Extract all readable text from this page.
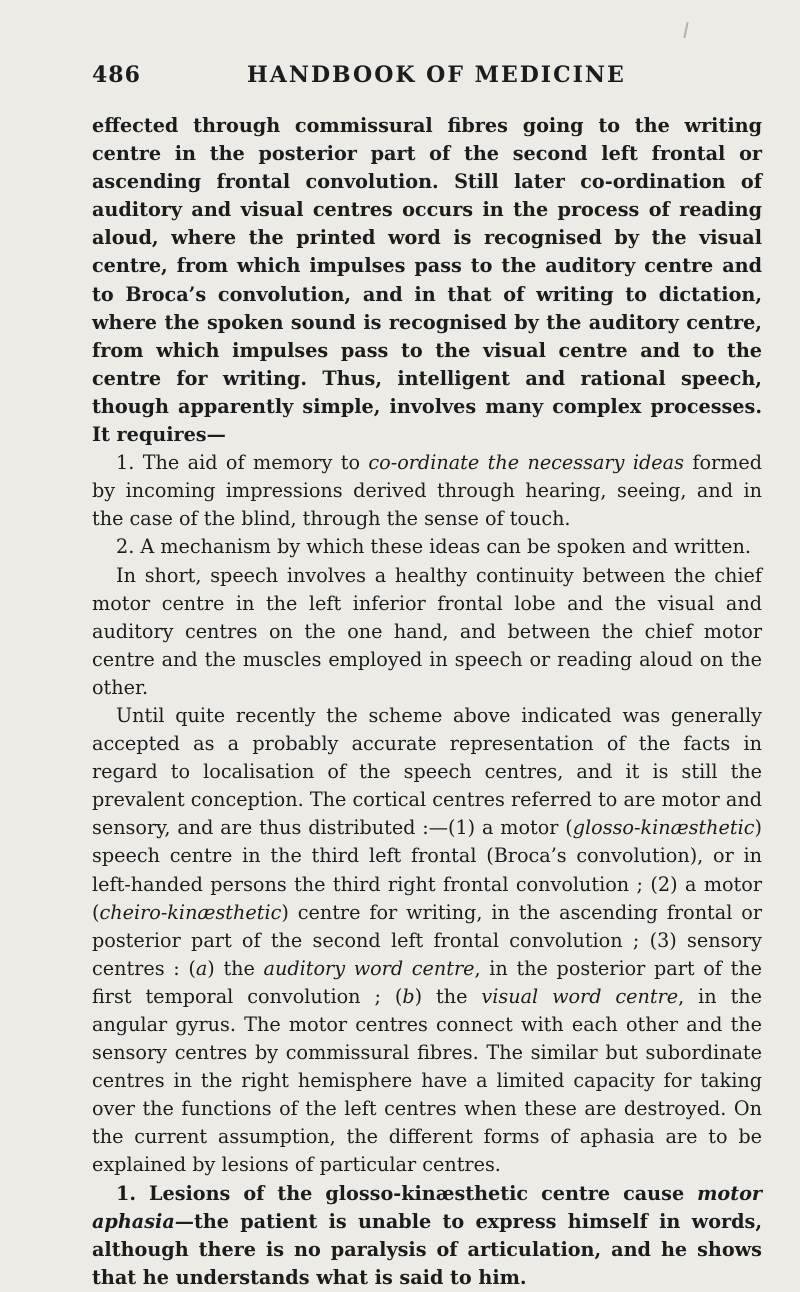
486	HANDBOOK OF MEDICINE

effected through commissural fibres going to the writing centre in the posterior part of the second left frontal or ascending frontal convolution. Still later co-ordination of auditory and visual centres occurs in the process of reading aloud, where the printed word is recognised by the visual centre, from which impulses pass to the auditory centre and to Broca’s convolution, and in that of writing to dictation, where the spoken sound is recognised by the auditory centre, from which impulses pass to the visual centre and to the centre for writing. Thus, intelligent and rational speech, though apparently simple, involves many complex processes. It requires—

1. The aid of memory to co-ordinate the necessary ideas formed by incoming impressions derived through hearing, seeing, and in the case of the blind, through the sense of touch.

2. A mechanism by which these ideas can be spoken and written.

In short, speech involves a healthy continuity between the chief motor centre in the left inferior frontal lobe and the visual and auditory centres on the one hand, and between the chief motor centre and the muscles employed in speech or reading aloud on the other.

Until quite recently the scheme above indicated was generally accepted as a probably accurate representation of the facts in regard to localisation of the speech centres, and it is still the prevalent conception. The cortical centres referred to are motor and sensory, and are thus distributed :—(1) a motor (glosso-kinæsthetic) speech centre in the third left frontal (Broca’s convolution), or in left-handed persons the third right frontal convolution ; (2) a motor (cheiro-kinæsthetic) centre for writing, in the ascending frontal or posterior part of the second left frontal convolution ; (3) sensory centres : (a) the auditory word centre, in the posterior part of the first temporal convolution ; (b) the visual word centre, in the angular gyrus. The motor centres connect with each other and the sensory centres by commissural fibres. The similar but subordinate centres in the right hemisphere have a limited capacity for taking over the functions of the left centres when these are destroyed. On the current assumption, the different forms of aphasia are to be explained by lesions of particular centres.

1. Lesions of the glosso-kinæsthetic centre cause motor aphasia—the patient is unable to express himself in words, although there is no paralysis of articulation, and he shows that he understands what is said to him.
